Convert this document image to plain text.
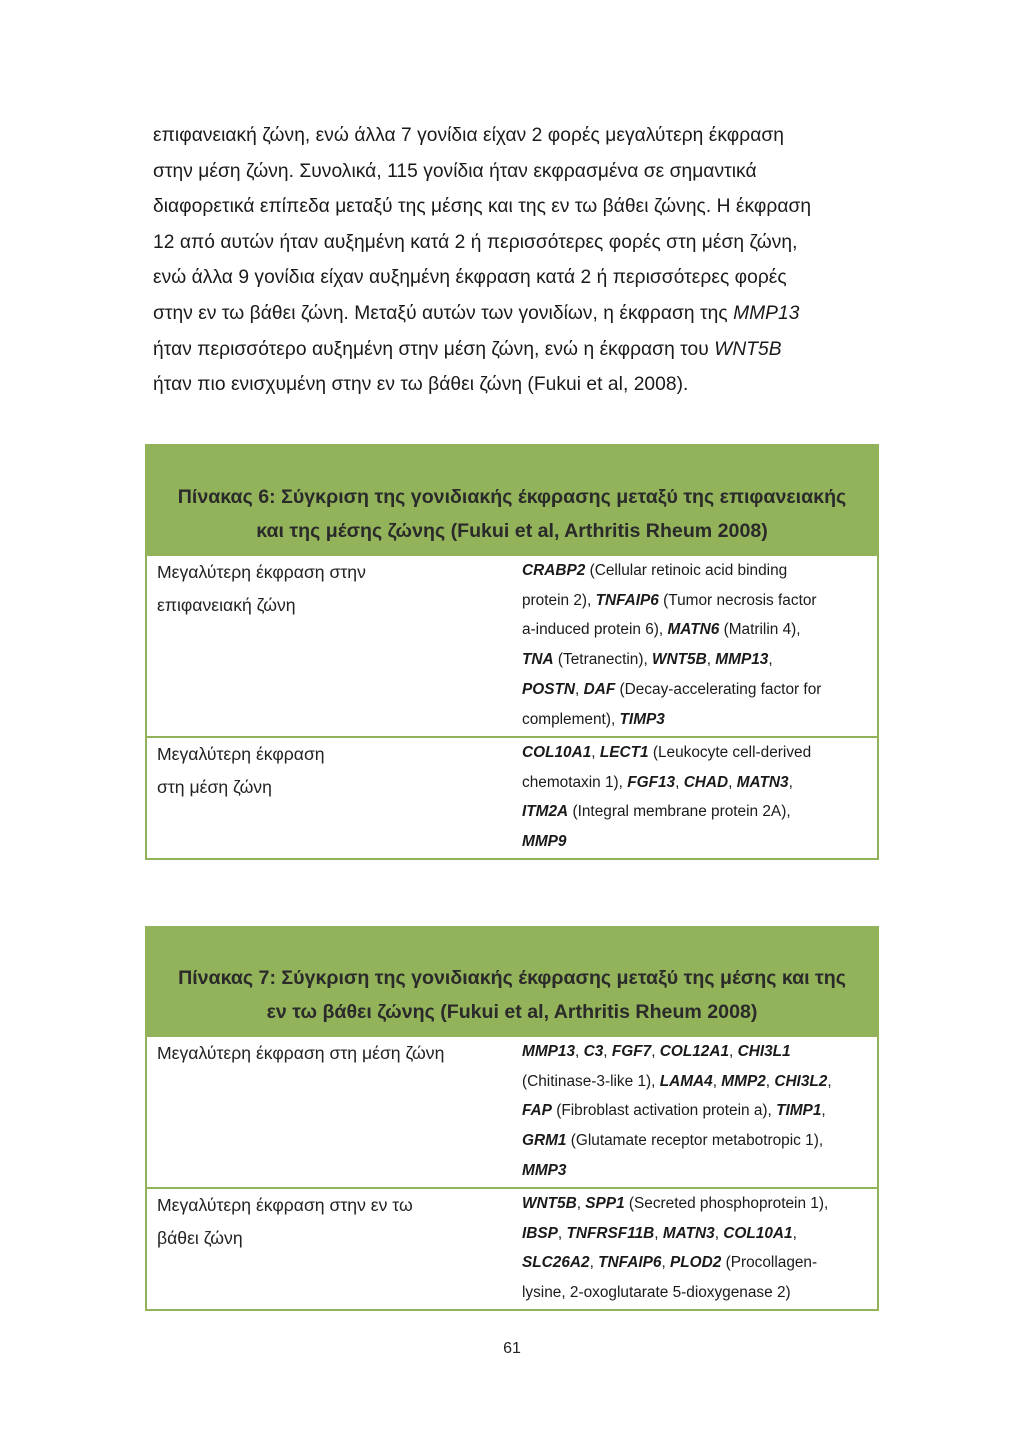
επιφανειακή ζώνη, ενώ άλλα 7 γονίδια είχαν 2 φορές μεγαλύτερη έκφραση
στην μέση ζώνη. Συνολικά, 115 γονίδια ήταν εκφρασμένα σε σημαντικά
διαφορετικά επίπεδα μεταξύ της μέσης και της εν τω βάθει ζώνης. Η έκφραση
12 από αυτών ήταν αυξημένη κατά 2 ή περισσότερες φορές στη μέση ζώνη,
ενώ άλλα 9 γονίδια είχαν αυξημένη έκφραση κατά 2 ή περισσότερες φορές
στην εν τω βάθει ζώνη. Μεταξύ αυτών των γονιδίων, η έκφραση της MMP13
ήταν περισσότερο αυξημένη στην μέση ζώνη, ενώ η έκφραση του WNT5B
ήταν πιο ενισχυμένη στην εν τω βάθει ζώνη (Fukui et al, 2008).
Πίνακας 6: Σύγκριση της γονιδιακής έκφρασης μεταξύ της επιφανειακής
και της μέσης ζώνης (Fukui et al, Arthritis Rheum 2008)
Μεγαλύτερη έκφραση στην
επιφανειακή ζώνη
CRABP2 (Cellular retinoic acid binding
protein 2), TNFAIP6 (Tumor necrosis factor
a-induced protein 6), MATN6 (Matrilin 4),
TNA (Tetranectin), WNT5B, MMP13,
POSTN, DAF (Decay-accelerating factor for
complement), TIMP3
Μεγαλύτερη έκφραση
στη μέση ζώνη
COL10A1, LECT1 (Leukocyte cell-derived
chemotaxin 1), FGF13, CHAD, MATN3,
ITM2A (Integral membrane protein 2A),
MMP9
Πίνακας 7: Σύγκριση της γονιδιακής έκφρασης μεταξύ της μέσης και της
εν τω βάθει ζώνης (Fukui et al, Arthritis Rheum 2008)
Μεγαλύτερη έκφραση στη μέση ζώνη	MMP13, C3, FGF7, COL12A1, CHI3L1
(Chitinase-3-like 1), LAMA4, MMP2, CHI3L2,
FAP (Fibroblast activation protein a), TIMP1,
GRM1 (Glutamate receptor metabotropic 1),
MMP3
Μεγαλύτερη έκφραση στην εν τω
βάθει ζώνη
WNT5B, SPP1 (Secreted phosphoprotein 1),
IBSP, TNFRSF11B, MATN3, COL10A1,
SLC26A2, TNFAIP6, PLOD2 (Procollagen-
lysine, 2-oxoglutarate 5-dioxygenase 2)
61
